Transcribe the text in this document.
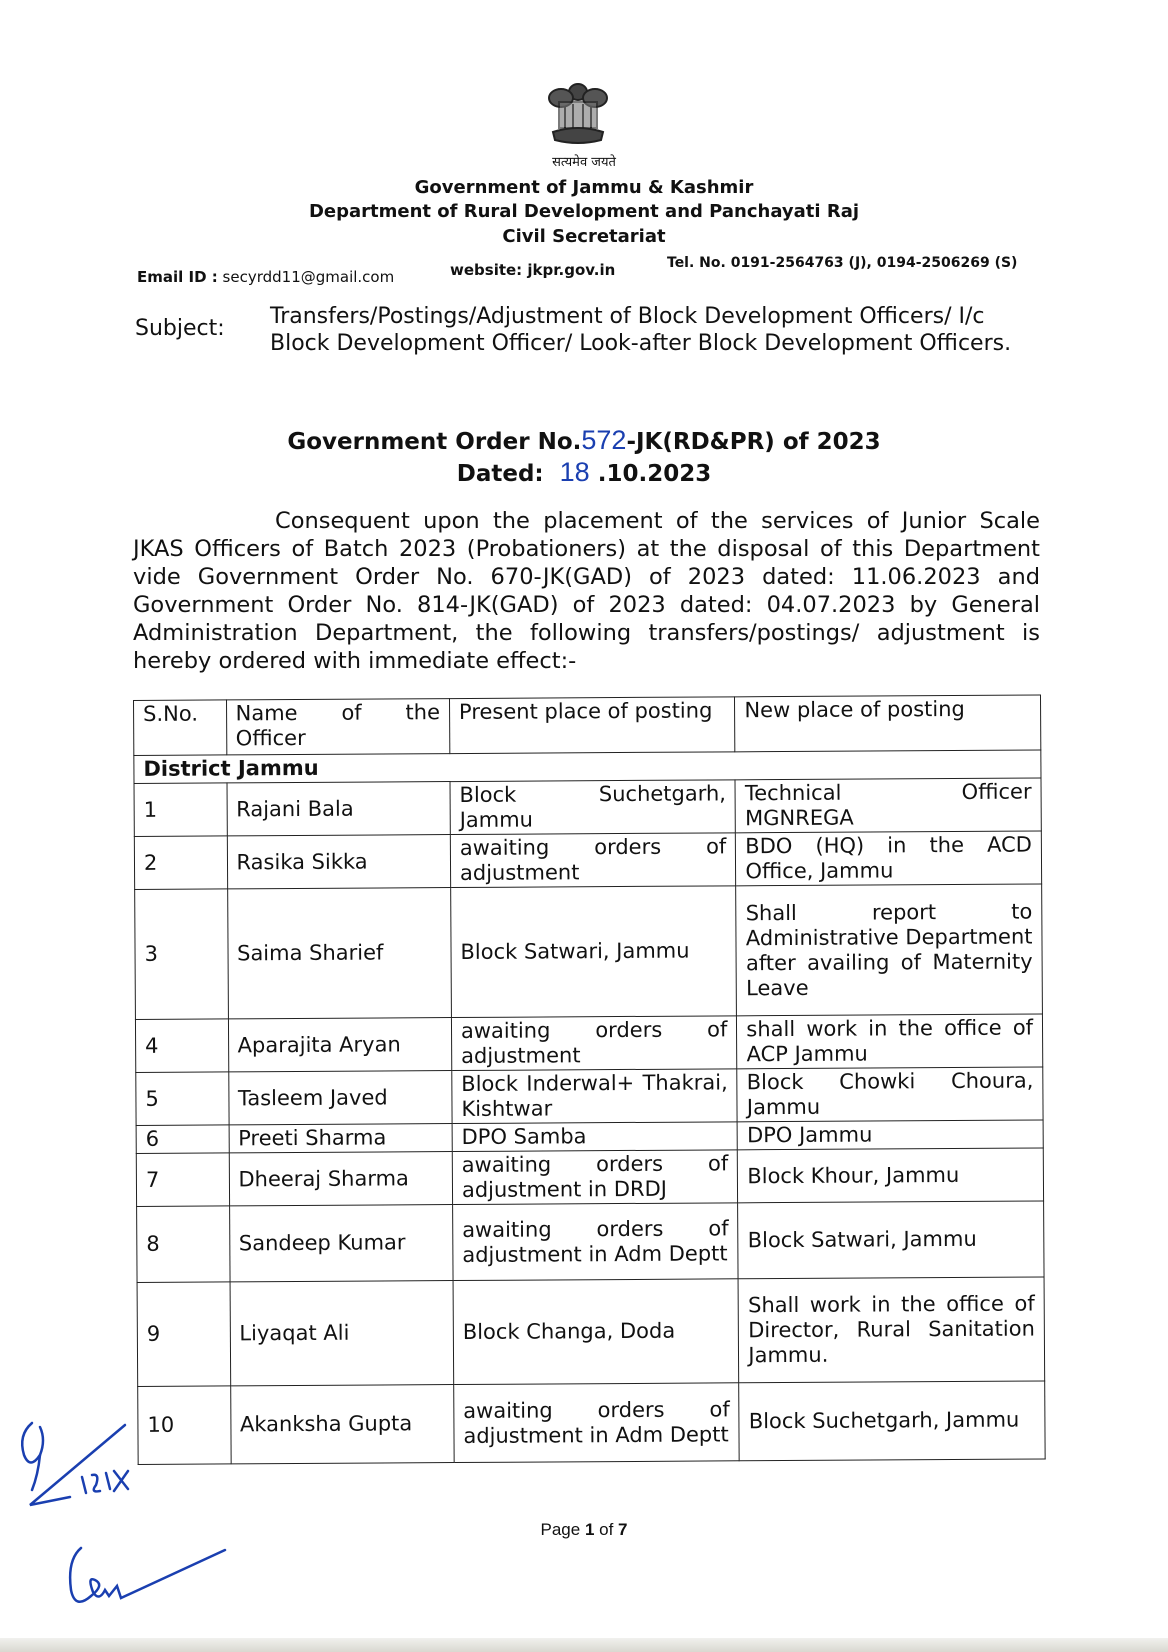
सत्यमेव जयते
Government of Jammu & Kashmir
Department of Rural Development and Panchayati Raj
Civil Secretariat
Email ID : secyrdd11@gmail.com	website: jkpr.gov.in	Tel. No. 0191-2564763 (J), 0194-2506269 (S)
Subject: Transfers/Postings/Adjustment of Block Development Officers/ I/c Block Development Officer/ Look-after Block Development Officers.
Government Order No.572-JK(RD&PR) of 2023
Dated: 18 .10.2023
Consequent upon the placement of the services of Junior Scale JKAS Officers of Batch 2023 (Probationers) at the disposal of this Department vide Government Order No. 670-JK(GAD) of 2023 dated: 11.06.2023 and Government Order No. 814-JK(GAD) of 2023 dated: 04.07.2023 by General Administration Department, the following transfers/postings/ adjustment is hereby ordered with immediate effect:-
S.No.	Name of the Officer	Present place of posting	New place of posting
District Jammu			
1	Rajani Bala	Block Suchetgarh, Jammu	Technical Officer MGNREGA
2	Rasika Sikka	awaiting orders of adjustment	BDO (HQ) in the ACD Office, Jammu
3	Saima Sharief	Block Satwari, Jammu	Shall report to Administrative Department after availing of Maternity Leave
4	Aparajita Aryan	awaiting orders of adjustment	shall work in the office of ACP Jammu
5	Tasleem Javed	Block Inderwal+ Thakrai, Kishtwar	Block Chowki Choura, Jammu
6	Preeti Sharma	DPO Samba	DPO Jammu
7	Dheeraj Sharma	awaiting orders of adjustment in DRDJ	Block Khour, Jammu
8	Sandeep Kumar	awaiting orders of adjustment in Adm Deptt	Block Satwari, Jammu
9	Liyaqat Ali	Block Changa, Doda	Shall work in the office of Director, Rural Sanitation Jammu.
10	Akanksha Gupta	awaiting orders of adjustment in Adm Deptt	Block Suchetgarh, Jammu
Page 1 of 7
